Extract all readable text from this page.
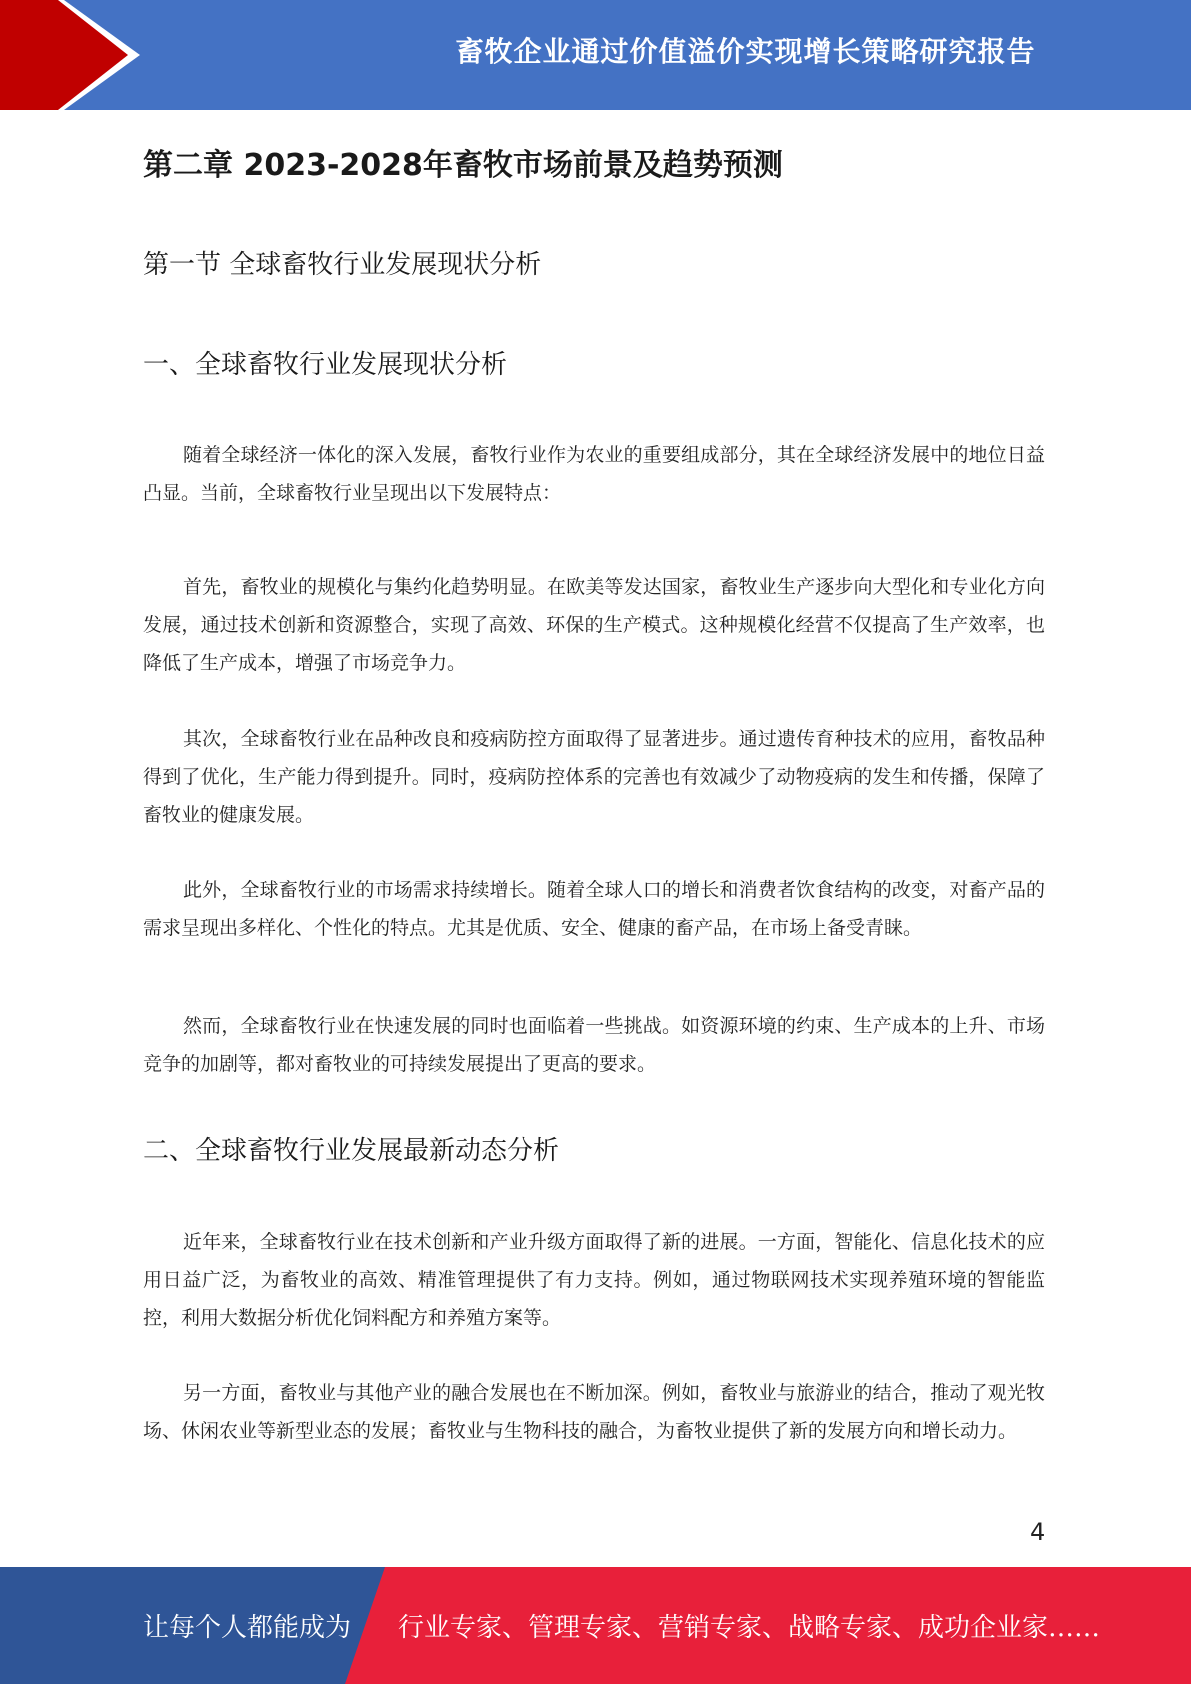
畜牧企业通过价值溢价实现增长策略研究报告
第二章 2023-2028年畜牧市场前景及趋势预测
第一节 全球畜牧行业发展现状分析
一、全球畜牧行业发展现状分析

随着全球经济一体化的深入发展，畜牧行业作为农业的重要组成部分，其在全球经济发展中的地位日益凸显。当前，全球畜牧行业呈现出以下发展特点：

首先，畜牧业的规模化与集约化趋势明显。在欧美等发达国家，畜牧业生产逐步向大型化和专业化方向发展，通过技术创新和资源整合，实现了高效、环保的生产模式。这种规模化经营不仅提高了生产效率，也降低了生产成本，增强了市场竞争力。

其次，全球畜牧行业在品种改良和疫病防控方面取得了显著进步。通过遗传育种技术的应用，畜牧品种得到了优化，生产能力得到提升。同时，疫病防控体系的完善也有效减少了动物疫病的发生和传播，保障了畜牧业的健康发展。

此外，全球畜牧行业的市场需求持续增长。随着全球人口的增长和消费者饮食结构的改变，对畜产品的需求呈现出多样化、个性化的特点。尤其是优质、安全、健康的畜产品，在市场上备受青睐。

然而，全球畜牧行业在快速发展的同时也面临着一些挑战。如资源环境的约束、生产成本的上升、市场竞争的加剧等，都对畜牧业的可持续发展提出了更高的要求。

二、全球畜牧行业发展最新动态分析

近年来，全球畜牧行业在技术创新和产业升级方面取得了新的进展。一方面，智能化、信息化技术的应用日益广泛，为畜牧业的高效、精准管理提供了有力支持。例如，通过物联网技术实现养殖环境的智能监控，利用大数据分析优化饲料配方和养殖方案等。

另一方面，畜牧业与其他产业的融合发展也在不断加深。例如，畜牧业与旅游业的结合，推动了观光牧场、休闲农业等新型业态的发展；畜牧业与生物科技的融合，为畜牧业提供了新的发展方向和增长动力。

4
让每个人都能成为 行业专家、管理专家、营销专家、战略专家、成功企业家……
